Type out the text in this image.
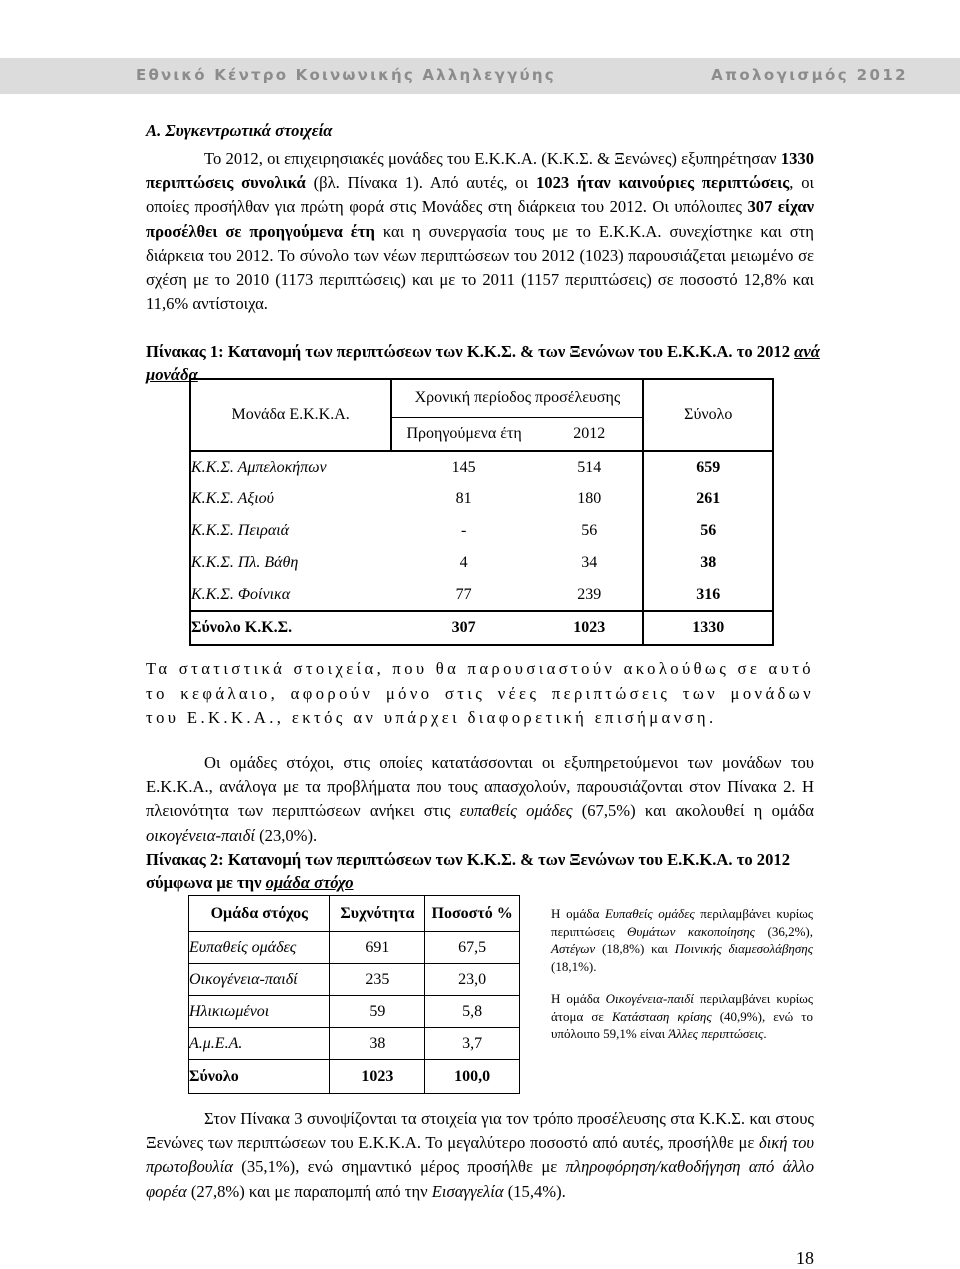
Εθνικό Κέντρο Κοινωνικής Αλληλεγγύης	Απολογισμός 2012
Α. Συγκεντρωτικά στοιχεία
Το 2012, οι επιχειρησιακές μονάδες του Ε.Κ.Κ.Α. (Κ.Κ.Σ. & Ξενώνες) εξυπηρέτησαν 1330 περιπτώσεις συνολικά (βλ. Πίνακα 1). Από αυτές, οι 1023 ήταν καινούριες περιπτώσεις, οι οποίες προσήλθαν για πρώτη φορά στις Μονάδες στη διάρκεια του 2012. Οι υπόλοιπες 307 είχαν προσέλθει σε προηγούμενα έτη και η συνεργασία τους με το Ε.Κ.Κ.Α. συνεχίστηκε και στη διάρκεια του 2012. Το σύνολο των νέων περιπτώσεων του 2012 (1023) παρουσιάζεται μειωμένο σε σχέση με το 2010 (1173 περιπτώσεις) και με το 2011 (1157 περιπτώσεις) σε ποσοστό 12,8% και 11,6% αντίστοιχα.
Πίνακας 1: Κατανομή των περιπτώσεων των Κ.Κ.Σ. & των Ξενώνων του Ε.Κ.Κ.Α. το 2012 ανά μονάδα
Μονάδα Ε.Κ.Κ.Α.	Χρονική περίοδος προσέλευσης		Σύνολο
	Προηγούμενα έτη	2012	
Κ.Κ.Σ. Αμπελοκήπων	145	514	659
Κ.Κ.Σ. Αξιού	81	180	261
Κ.Κ.Σ. Πειραιά	-	56	56
Κ.Κ.Σ. Πλ. Βάθη	4	34	38
Κ.Κ.Σ. Φοίνικα	77	239	316
Σύνολο Κ.Κ.Σ.	307	1023	1330
Τα στατιστικά στοιχεία, που θα παρουσιαστούν ακολούθως σε αυτό το κεφάλαιο, αφορούν μόνο στις νέες περιπτώσεις των μονάδων του Ε.Κ.Κ.Α., εκτός αν υπάρχει διαφορετική επισήμανση.
Οι ομάδες στόχοι, στις οποίες κατατάσσονται οι εξυπηρετούμενοι των μονάδων του Ε.Κ.Κ.Α., ανάλογα με τα προβλήματα που τους απασχολούν, παρουσιάζονται στον Πίνακα 2. Η πλειονότητα των περιπτώσεων ανήκει στις ευπαθείς ομάδες (67,5%) και ακολουθεί η ομάδα οικογένεια-παιδί (23,0%).
Πίνακας 2: Κατανομή των περιπτώσεων των Κ.Κ.Σ. & των Ξενώνων του Ε.Κ.Κ.Α. το 2012 σύμφωνα με την ομάδα στόχο
Ομάδα στόχος	Συχνότητα	Ποσοστό %
Ευπαθείς ομάδες	691	67,5
Οικογένεια-παιδί	235	23,0
Ηλικιωμένοι	59	5,8
Α.μ.Ε.Α.	38	3,7
Σύνολο	1023	100,0
Η ομάδα Ευπαθείς ομάδες περιλαμβάνει κυρίως περιπτώσεις Θυμάτων κακοποίησης (36,2%), Αστέγων (18,8%) και Ποινικής διαμεσολάβησης (18,1%).
Η ομάδα Οικογένεια-παιδί περιλαμβάνει κυρίως άτομα σε Κατάσταση κρίσης (40,9%), ενώ το υπόλοιπο 59,1% είναι Άλλες περιπτώσεις.
Στον Πίνακα 3 συνοψίζονται τα στοιχεία για τον τρόπο προσέλευσης στα Κ.Κ.Σ. και στους Ξενώνες των περιπτώσεων του Ε.Κ.Κ.Α. Το μεγαλύτερο ποσοστό από αυτές, προσήλθε με δική του πρωτοβουλία (35,1%), ενώ σημαντικό μέρος προσήλθε με πληροφόρηση/καθοδήγηση από άλλο φορέα (27,8%) και με παραπομπή από την Εισαγγελία (15,4%).
18
